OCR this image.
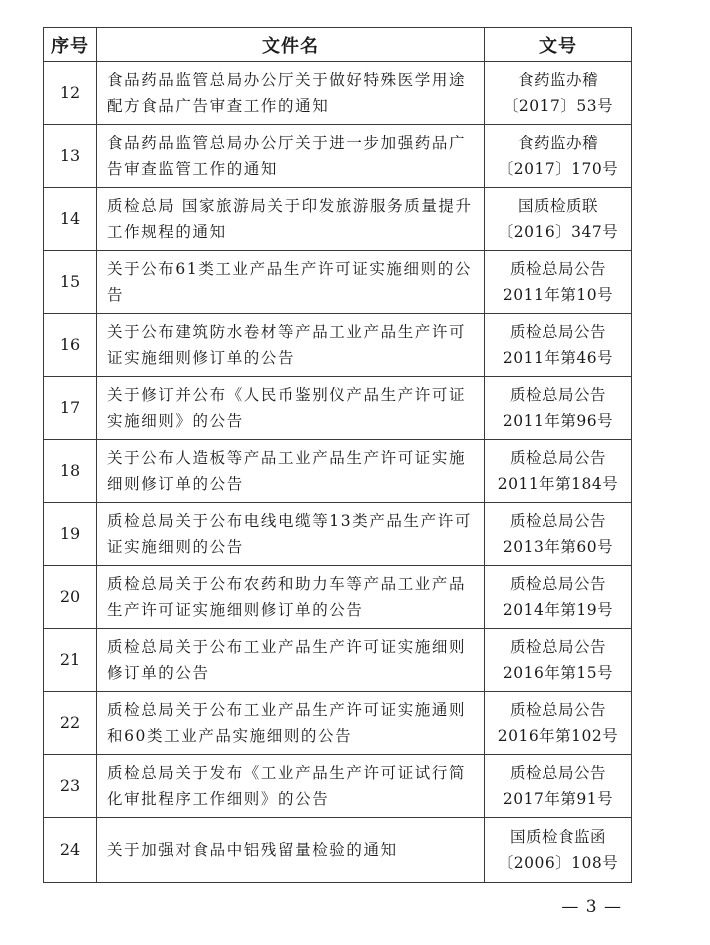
序号	文件名	文号
12	食品药品监管总局办公厅关于做好特殊医学用途配方食品广告审查工作的通知	食药监办稽
〔2017〕53号

13	食品药品监管总局办公厅关于进一步加强药品广告审查监管工作的通知	食药监办稽
〔2017〕170号

14	质检总局 国家旅游局关于印发旅游服务质量提升工作规程的通知	国质检质联
〔2016〕347号

15	关于公布61类工业产品生产许可证实施细则的公告	质检总局公告
2011年第10号

16	关于公布建筑防水卷材等产品工业产品生产许可证实施细则修订单的公告	质检总局公告
2011年第46号

17	关于修订并公布《人民币鉴别仪产品生产许可证实施细则》的公告	质检总局公告
2011年第96号

18	关于公布人造板等产品工业产品生产许可证实施细则修订单的公告	质检总局公告
2011年第184号

19	质检总局关于公布电线电缆等13类产品生产许可证实施细则的公告	质检总局公告
2013年第60号

20	质检总局关于公布农药和助力车等产品工业产品生产许可证实施细则修订单的公告	质检总局公告
2014年第19号

21	质检总局关于公布工业产品生产许可证实施细则修订单的公告	质检总局公告
2016年第15号

22	质检总局关于公布工业产品生产许可证实施通则和60类工业产品实施细则的公告	质检总局公告
2016年第102号

23	质检总局关于发布《工业产品生产许可证试行简化审批程序工作细则》的公告	质检总局公告
2017年第91号

24	关于加强对食品中铝残留量检验的通知	国质检食监函
〔2006〕108号
— 3 —
